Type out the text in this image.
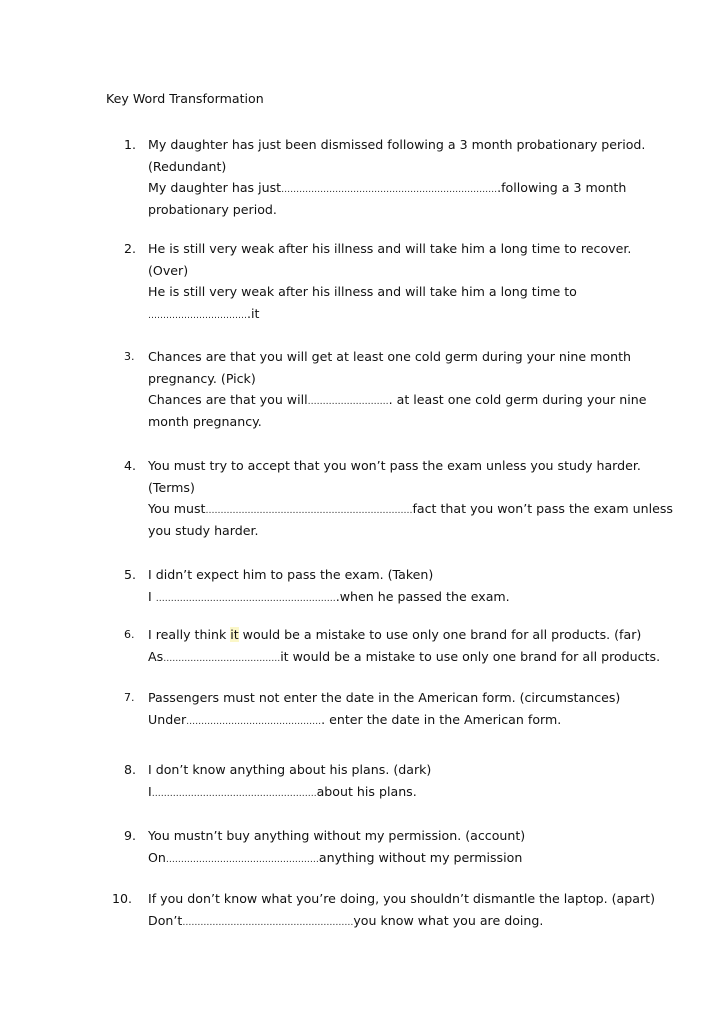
Key Word Transformation
1. My daughter has just been dismissed following a 3 month probationary period.
(Redundant)
My daughter has just……………………………………………………………….following a 3 month
probationary period.
2. He is still very weak after his illness and will take him a long time to recover.
(Over)
He is still very weak after his illness and will take him a long time to
…………………………….it
3.	Chances are that you will get at least one cold germ during your nine month
pregnancy. (Pick)
Chances are that you will………………………. at least one cold germ during your nine
month pregnancy.
4. You must try to accept that you won’t pass the exam unless you study harder.
(Terms)
You must……………………………………………………………fact that you won’t pass the exam unless
you study harder.
5. I didn’t expect him to pass the exam. (Taken)
I …………………………………………………….when he passed the exam.
6.	I really think it would be a mistake to use only one brand for all products. (far)
As…………………………………it would be a mistake to use only one brand for all products.
7.	Passengers must not enter the date in the American form. (circumstances)
Under………………………………………. enter the date in the American form.
8. I don’t know anything about his plans. (dark)
I……………………………………………….about his plans.
9. You mustn’t buy anything without my permission. (account)
On……………………………………………anything without my permission
10.	If you don’t know what you’re doing, you shouldn’t dismantle the laptop. (apart)
Don’t…………………………………………………you know what you are doing.
